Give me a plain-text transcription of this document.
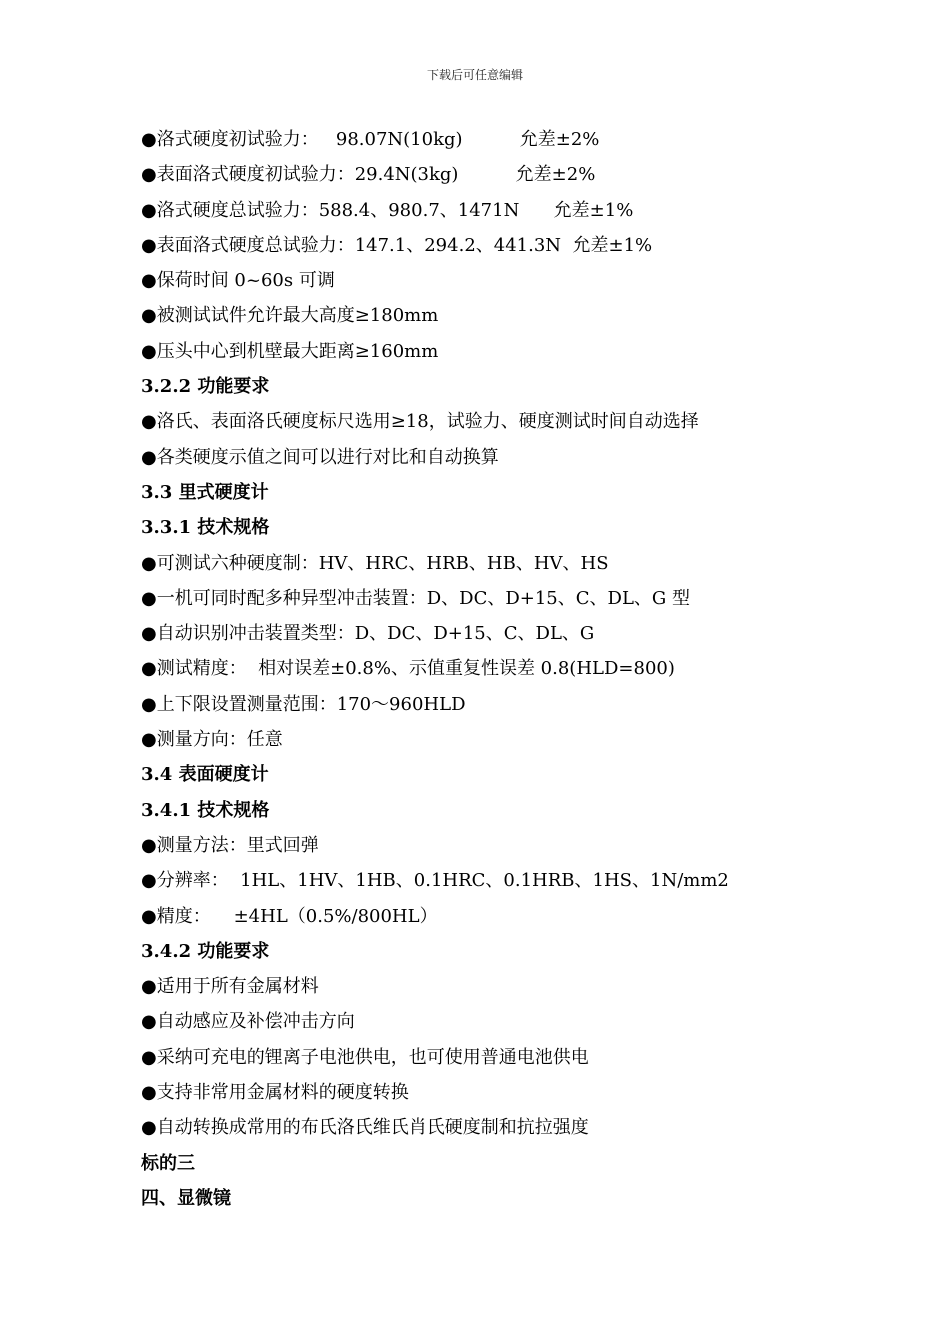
下载后可任意编辑
●洛式硬度初试验力：   98.07N(10kg)          允差±2%
●表面洛式硬度初试验力：29.4N(3kg)          允差±2%
●洛式硬度总试验力：588.4、980.7、1471N      允差±1%
●表面洛式硬度总试验力：147.1、294.2、441.3N  允差±1%
●保荷时间 0~60s 可调
●被测试试件允许最大高度≥180mm
●压头中心到机壁最大距离≥160mm
3.2.2 功能要求
●洛氏、表面洛氏硬度标尺选用≥18，试验力、硬度测试时间自动选择
●各类硬度示值之间可以进行对比和自动换算
3.3 里式硬度计
3.3.1 技术规格
●可测试六种硬度制：HV、HRC、HRB、HB、HV、HS
●一机可同时配多种异型冲击装置：D、DC、D+15、C、DL、G 型
●自动识别冲击装置类型：D、DC、D+15、C、DL、G
●测试精度：  相对误差±0.8%、示值重复性误差 0.8(HLD=800)
●上下限设置测量范围：170～960HLD
●测量方向：任意
3.4 表面硬度计
3.4.1 技术规格
●测量方法：里式回弹
●分辨率：  1HL、1HV、1HB、0.1HRC、0.1HRB、1HS、1N/mm2
●精度：    ±4HL（0.5%/800HL）
3.4.2 功能要求
●适用于所有金属材料
●自动感应及补偿冲击方向
●采纳可充电的锂离子电池供电，也可使用普通电池供电
●支持非常用金属材料的硬度转换
●自动转换成常用的布氏洛氏维氏肖氏硬度制和抗拉强度
标的三
四、显微镜
